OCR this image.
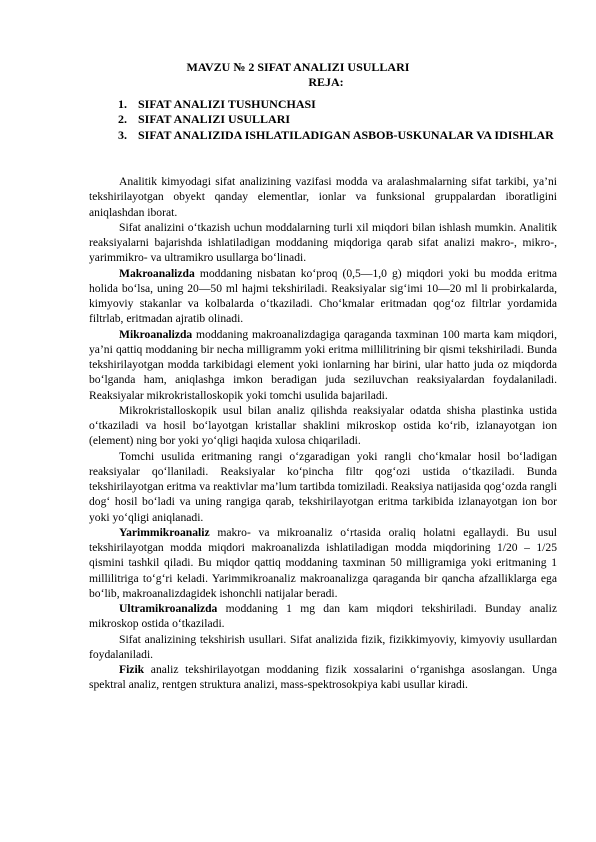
MAVZU № 2 SIFAT ANALIZI USULLARI
REJA:
1. SIFAT ANALIZI TUSHUNCHASI
2. SIFAT ANALIZI USULLARI
3. SIFAT ANALIZIDA ISHLATILADIGAN ASBOB-USKUNALAR VA IDISHLAR

Analitik kimyodagi sifat analizining vazifasi modda va aralashmalarning sifat tarkibi, ya’ni tekshirilayotgan obyekt qanday elementlar, ionlar va funksional gruppalardan iboratligini aniqlashdan iborat.

Sifat analizini o‘tkazish uchun moddalarning turli xil miqdori bilan ishlash mumkin. Analitik reaksiyalarni bajarishda ishlatiladigan moddaning miqdoriga qarab sifat analizi makro-, mikro-, yarimmikro- va ultramikro usullarga bo‘linadi.

Makroanalizda moddaning nisbatan ko‘proq (0,5—1,0 g) miqdori yoki bu modda eritma holida bo‘lsa, uning 20—50 ml hajmi tekshiriladi. Reaksiyalar sig‘imi 10—20 ml li probirkalarda, kimyoviy stakanlar va kolbalarda o‘tkaziladi. Cho‘kmalar eritmadan qog‘oz filtrlar yordamida filtrlab, eritmadan ajratib olinadi.

Mikroanalizda moddaning makroanalizdagiga qaraganda taxminan 100 marta kam miqdori, ya’ni qattiq moddaning bir necha milligramm yoki eritma millilitrining bir qismi tekshiriladi. Bunda tekshirilayotgan modda tarkibidagi element yoki ionlarning har birini, ular hatto juda oz miqdorda bo‘lganda ham, aniqlashga imkon beradigan juda seziluvchan reaksiyalardan foydalaniladi. Reaksiyalar mikrokristalloskopik yoki tomchi usulida bajariladi.

Mikrokristalloskopik usul bilan analiz qilishda reaksiyalar odatda shisha plastinka ustida o‘tkaziladi va hosil bo‘layotgan kristallar shaklini mikroskop ostida ko‘rib, izlanayotgan ion (element) ning bor yoki yo‘qligi haqida xulosa chiqariladi.

Tomchi usulida eritmaning rangi o‘zgaradigan yoki rangli cho‘kmalar hosil bo‘ladigan reaksiyalar qo‘llaniladi. Reaksiyalar ko‘pincha filtr qog‘ozi ustida o‘tkaziladi. Bunda tekshirilayotgan eritma va reaktivlar ma’lum tartibda tomiziladi. Reaksiya natijasida qog‘ozda rangli dog‘ hosil bo‘ladi va uning rangiga qarab, tekshirilayotgan eritma tarkibida izlanayotgan ion bor yoki yo‘qligi aniqlanadi.

Yarimmikroanaliz makro- va mikroanaliz o‘rtasida oraliq holatni egallaydi. Bu usul tekshirilayotgan modda miqdori makroanalizda ishlatiladigan modda miqdorining 1/20 – 1/25 qismini tashkil qiladi. Bu miqdor qattiq moddaning taxminan 50 milligramiga yoki eritmaning 1 millilitriga to‘g‘ri keladi. Yarimmikroanaliz makroanalizga qaraganda bir qancha afzalliklarga ega bo‘lib, makroanalizdagidek ishonchli natijalar beradi.

Ultramikroanalizda moddaning 1 mg dan kam miqdori tekshiriladi. Bunday analiz mikroskop ostida o‘tkaziladi.

Sifat analizining tekshirish usullari. Sifat analizida fizik, fizikkimyoviy, kimyoviy usullardan foydalaniladi.

Fizik analiz tekshirilayotgan moddaning fizik xossalarini o‘rganishga asoslangan. Unga spektral analiz, rentgen struktura analizi, mass-spektrosokpiya kabi usullar kiradi.
